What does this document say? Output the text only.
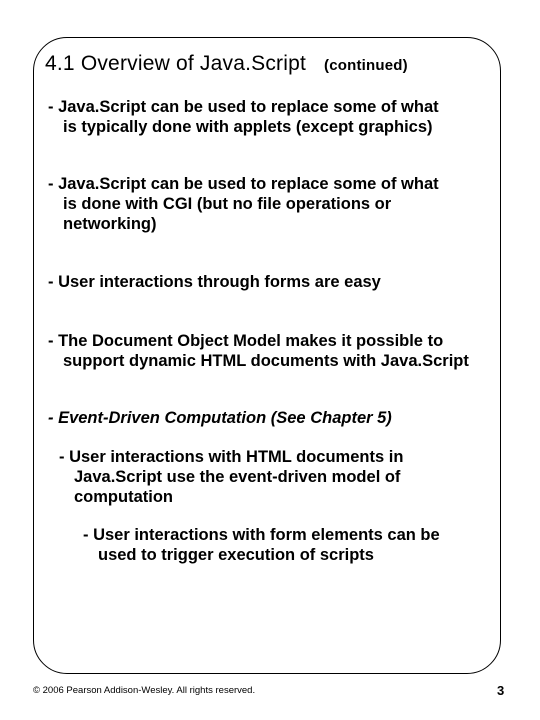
4.1 Overview of Java.Script (continued)
- Java.Script can be used to replace some of what
is typically done with applets (except graphics)
- Java.Script can be used to replace some of what
is done with CGI (but no file operations or
networking)
- User interactions through forms are easy
- The Document Object Model makes it possible to
support dynamic HTML documents with Java.Script
- Event-Driven Computation (See Chapter 5)
- User interactions with HTML documents in
Java.Script use the event-driven model of
computation
- User interactions with form elements can be
used to trigger execution of scripts
© 2006 Pearson Addison-Wesley. All rights reserved.	3
